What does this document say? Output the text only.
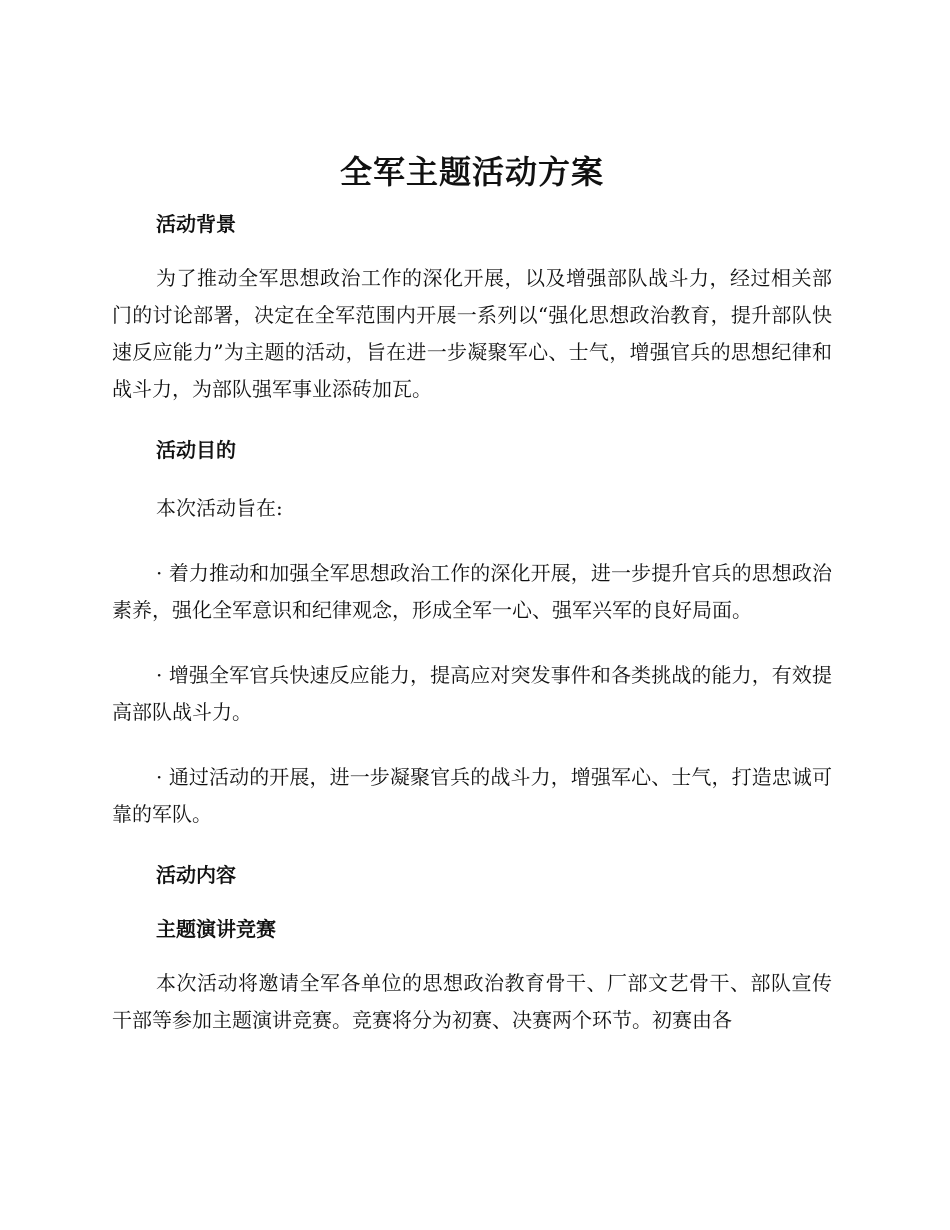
全军主题活动方案
活动背景

为了推动全军思想政治工作的深化开展，以及增强部队战斗力，经过相关部门的讨论部署，决定在全军范围内开展一系列以“强化思想政治教育，提升部队快速反应能力”为主题的活动，旨在进一步凝聚军心、士气，增强官兵的思想纪律和战斗力，为部队强军事业添砖加瓦。

活动目的

本次活动旨在:

· 着力推动和加强全军思想政治工作的深化开展，进一步提升官兵的思想政治素养，强化全军意识和纪律观念，形成全军一心、强军兴军的良好局面。

· 增强全军官兵快速反应能力，提高应对突发事件和各类挑战的能力，有效提高部队战斗力。

· 通过活动的开展，进一步凝聚官兵的战斗力，增强军心、士气，打造忠诚可靠的军队。

活动内容
主题演讲竞赛

本次活动将邀请全军各单位的思想政治教育骨干、厂部文艺骨干、部队宣传干部等参加主题演讲竞赛。竞赛将分为初赛、决赛两个环节。初赛由各
